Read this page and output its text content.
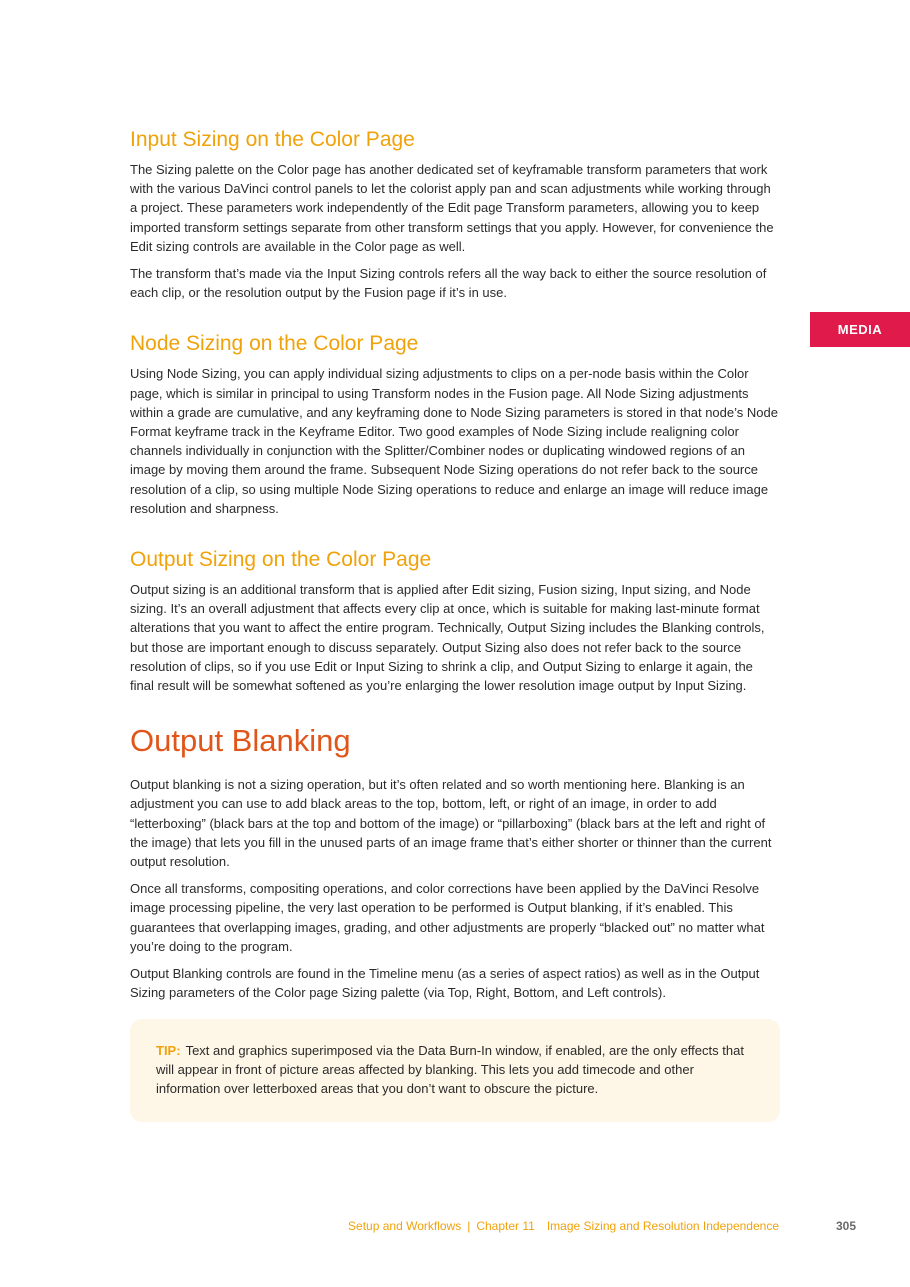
MEDIA
Input Sizing on the Color Page

The Sizing palette on the Color page has another dedicated set of keyframable transform parameters that work with the various DaVinci control panels to let the colorist apply pan and scan adjustments while working through a project. These parameters work independently of the Edit page Transform parameters, allowing you to keep imported transform settings separate from other transform settings that you apply. However, for convenience the Edit sizing controls are available in the Color page as well.

The transform that’s made via the Input Sizing controls refers all the way back to either the source resolution of each clip, or the resolution output by the Fusion page if it’s in use.

Node Sizing on the Color Page

Using Node Sizing, you can apply individual sizing adjustments to clips on a per-node basis within the Color page, which is similar in principal to using Transform nodes in the Fusion page. All Node Sizing adjustments within a grade are cumulative, and any keyframing done to Node Sizing parameters is stored in that node’s Node Format keyframe track in the Keyframe Editor. Two good examples of Node Sizing include realigning color channels individually in conjunction with the Splitter/Combiner nodes or duplicating windowed regions of an image by moving them around the frame. Subsequent Node Sizing operations do not refer back to the source resolution of a clip, so using multiple Node Sizing operations to reduce and enlarge an image will reduce image resolution and sharpness.

Output Sizing on the Color Page

Output sizing is an additional transform that is applied after Edit sizing, Fusion sizing, Input sizing, and Node sizing. It’s an overall adjustment that affects every clip at once, which is suitable for making last-minute format alterations that you want to affect the entire program. Technically, Output Sizing includes the Blanking controls, but those are important enough to discuss separately. Output Sizing also does not refer back to the source resolution of clips, so if you use Edit or Input Sizing to shrink a clip, and Output Sizing to enlarge it again, the final result will be somewhat softened as you’re enlarging the lower resolution image output by Input Sizing.

Output Blanking

Output blanking is not a sizing operation, but it’s often related and so worth mentioning here. Blanking is an adjustment you can use to add black areas to the top, bottom, left, or right of an image, in order to add “letterboxing” (black bars at the top and bottom of the image) or “pillarboxing” (black bars at the left and right of the image) that lets you fill in the unused parts of an image frame that’s either shorter or thinner than the current output resolution.

Once all transforms, compositing operations, and color corrections have been applied by the DaVinci Resolve image processing pipeline, the very last operation to be performed is Output blanking, if it’s enabled. This guarantees that overlapping images, grading, and other adjustments are properly “blacked out” no matter what you’re doing to the program.

Output Blanking controls are found in the Timeline menu (as a series of aspect ratios) as well as in the Output Sizing parameters of the Color page Sizing palette (via Top, Right, Bottom, and Left controls).

TIP: Text and graphics superimposed via the Data Burn-In window, if enabled, are the only effects that will appear in front of picture areas affected by blanking. This lets you add timecode and other information over letterboxed areas that you don’t want to obscure the picture.

Setup and Workflows | Chapter 11 Image Sizing and Resolution Independence	305
